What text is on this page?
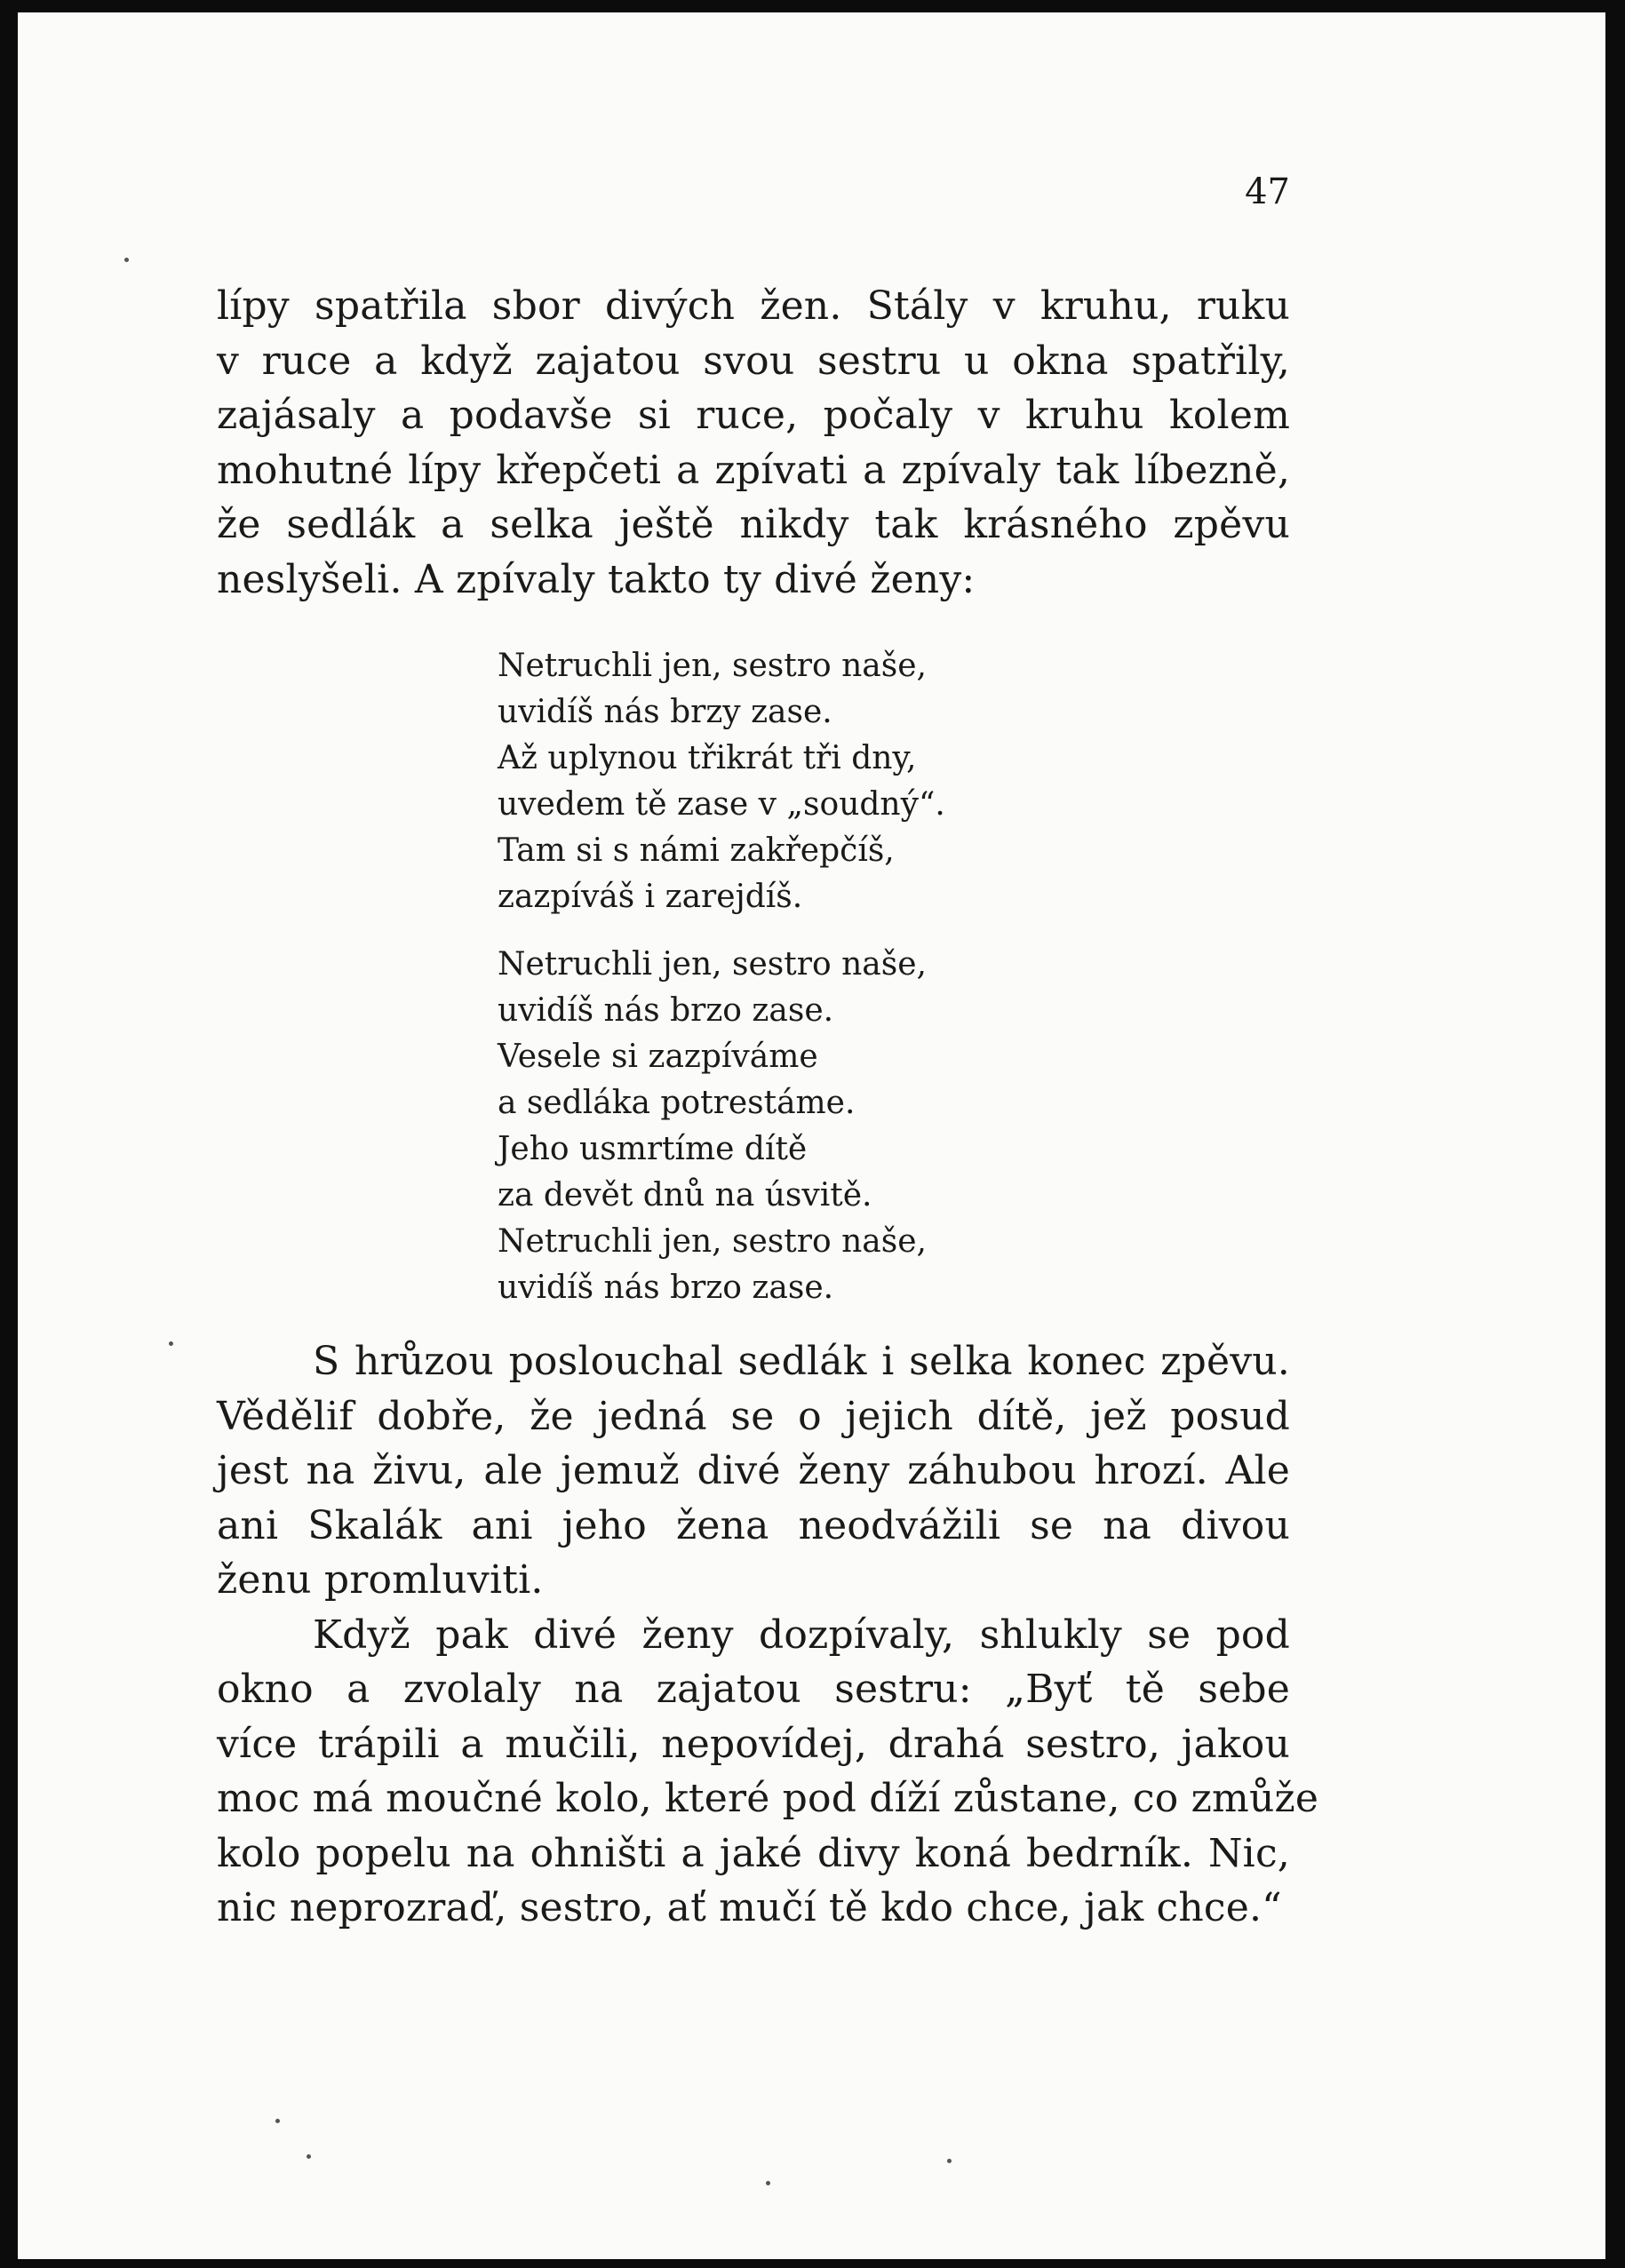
47
lípy spatřila sbor divých žen. Stály v kruhu, ruku
v ruce a když zajatou svou sestru u okna spatřily,
zajásaly a podavše si ruce, počaly v kruhu kolem
mohutné lípy křepčeti a zpívati a zpívaly tak líbezně,
že sedlák a selka ještě nikdy tak krásného zpěvu
neslyšeli. A zpívaly takto ty divé ženy:
Netruchli jen, sestro naše,
uvidíš nás brzy zase.
Až uplynou třikrát tři dny,
uvedem tě zase v „soudný“.
Tam si s námi zakřepčíš,
zazpíváš i zarejdíš.
Netruchli jen, sestro naše,
uvidíš nás brzo zase.
Vesele si zazpíváme
a sedláka potrestáme.
Jeho usmrtíme dítě
za devět dnů na úsvitě.
Netruchli jen, sestro naše,
uvidíš nás brzo zase.
S hrůzou poslouchal sedlák i selka konec zpěvu.
Vědělif dobře, že jedná se o jejich dítě, jež posud
jest na živu, ale jemuž divé ženy záhubou hrozí. Ale
ani Skalák ani jeho žena neodvážili se na divou
ženu promluviti.
Když pak divé ženy dozpívaly, shlukly se pod
okno a zvolaly na zajatou sestru: „Byť tě sebe
více trápili a mučili, nepovídej, drahá sestro, jakou
moc má moučné kolo, které pod díží zůstane, co zmůže
kolo popelu na ohništi a jaké divy koná bedrník. Nic,
nic neprozraď, sestro, ať mučí tě kdo chce, jak chce.“
